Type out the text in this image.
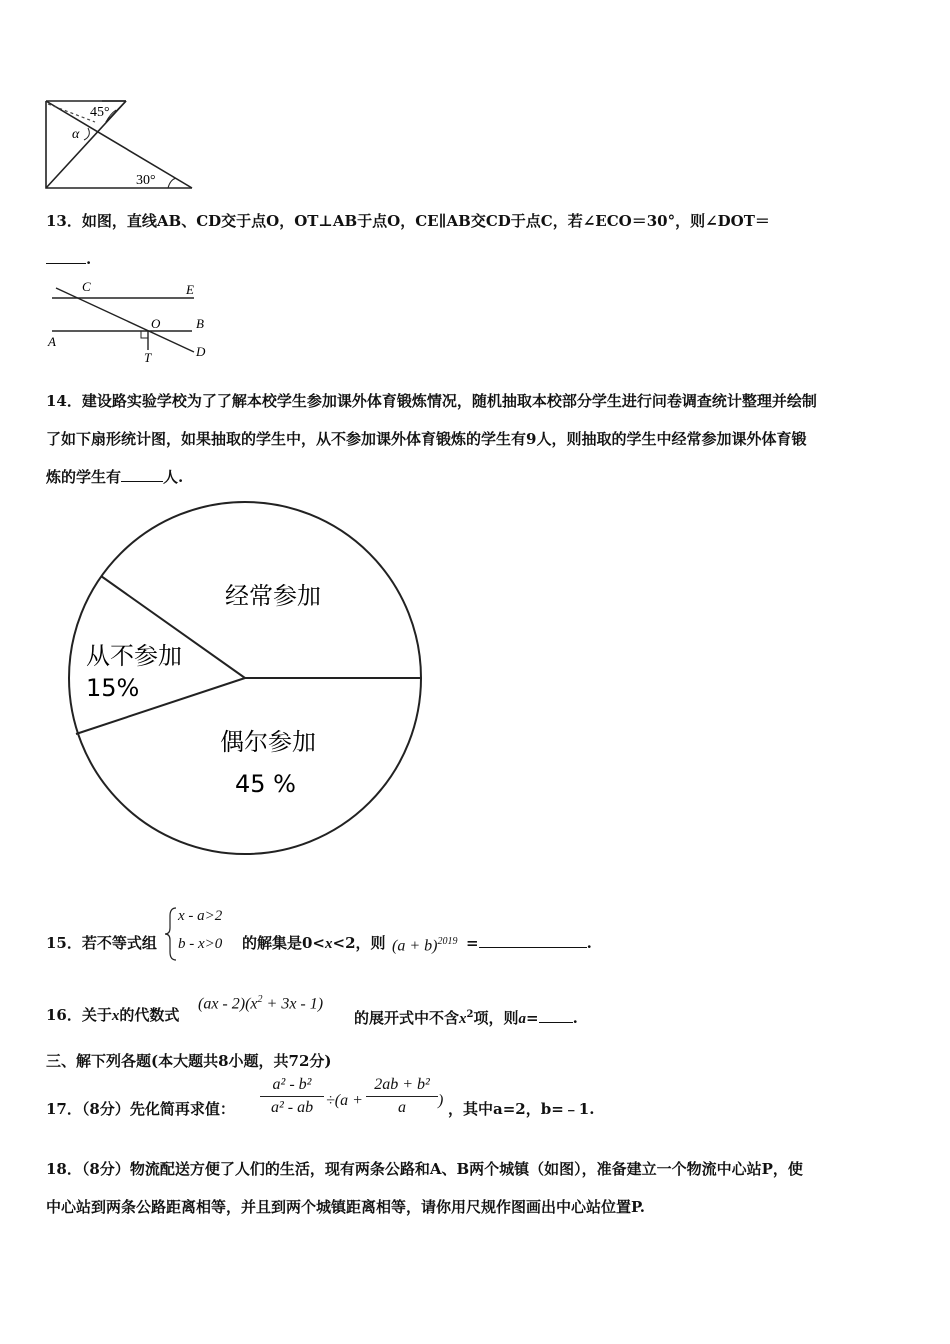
45°
α
30°
13．如图，直线AB、CD交于点O，OT⊥AB于点O，CE∥AB交CD于点C，若∠ECO＝30°，则∠DOT＝
.
C	E
O	B
A
T	D
14．建设路实验学校为了了解本校学生参加课外体育锻炼情况，随机抽取本校部分学生进行问卷调查统计整理并绘制
了如下扇形统计图，如果抽取的学生中，从不参加课外体育锻炼的学生有9人，则抽取的学生中经常参加课外体育锻
炼的学生有	人.
经常参加
从不参加
15%
偶尔参加
45 %
15．若不等式组
x - a>2
b - x>0 的解集是0<x<2，则 $(a + b)^{2019}$ =	.
16．关于x的代数式
$(ax - 2)(x^2 + 3x - 1)$
的展开式中不含$x^2$项，则a= .
三、解下列各题(本大题共8小题，共72分)
17．（8分）先化简再求值： $\frac{\text{a² - b²}}{\text{a² - ab}} \div(a + \frac{\text{2ab + b²}}{a}$ ) ，其中a=2，b=﹣1.
18．（8分）物流配送方便了人们的生活，现有两条公路和A、B两个城镇（如图），准备建立一个物流中心站P，使
中心站到两条公路距离相等，并且到两个城镇距离相等，请你用尺规作图画出中心站位置P.
